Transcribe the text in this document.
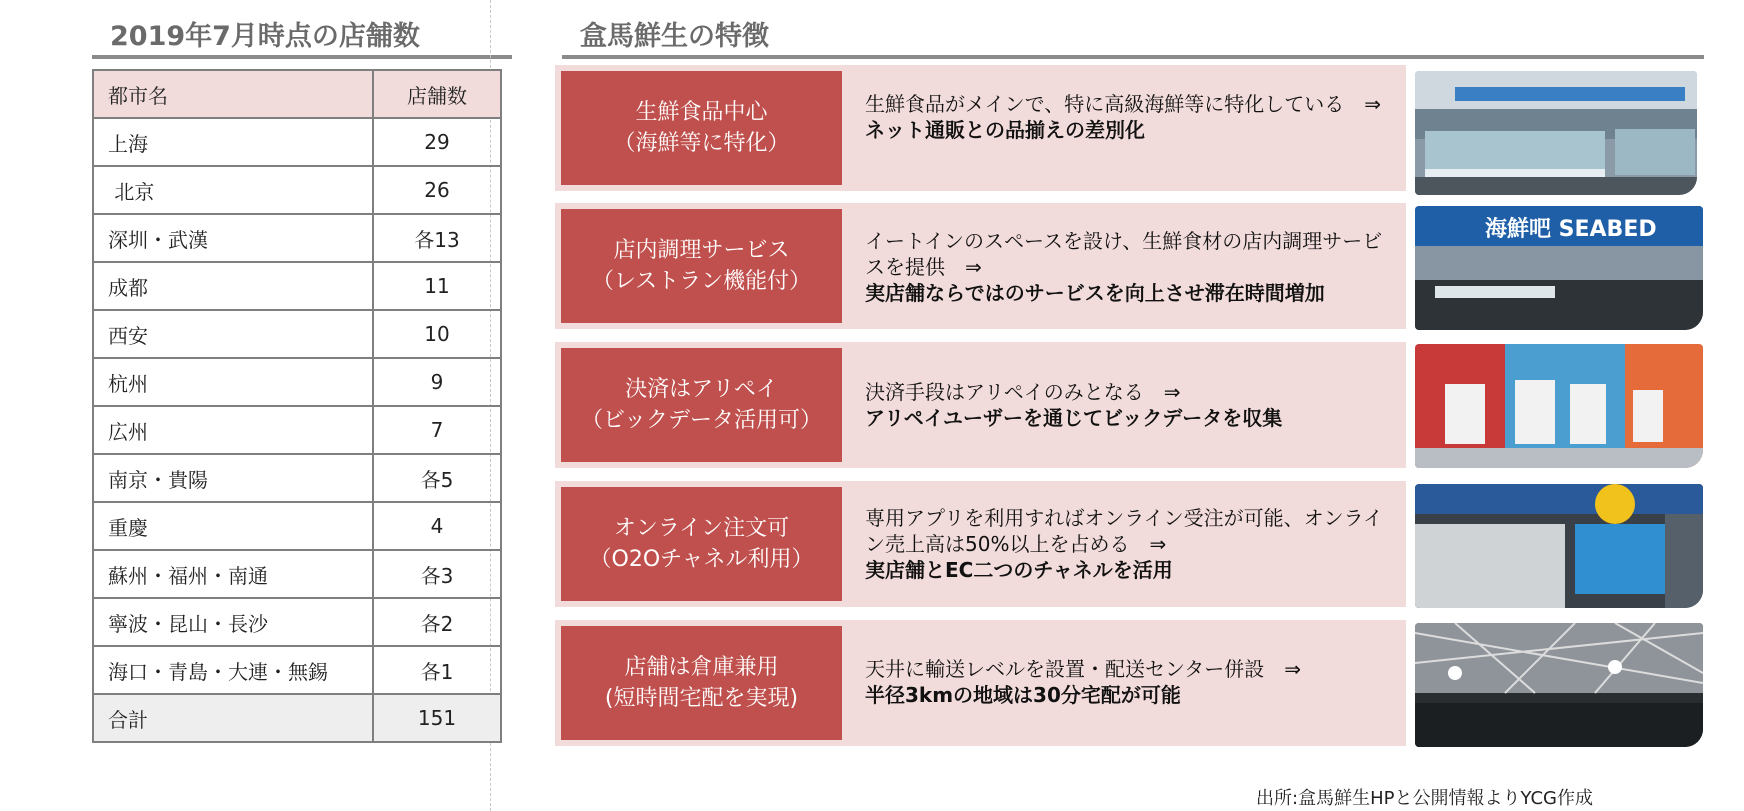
2019年7月時点の店舗数
都市名	店舗数
上海	29
北京	26
深圳・武漢	各13
成都	11
西安	10
杭州	9
広州	7
南京・貴陽	各5
重慶	4
蘇州・福州・南通	各3
寧波・昆山・長沙	各2
海口・青島・大連・無錫	各1
合計	151
盒馬鮮生の特徴
生鮮食品中心
（海鮮等に特化）
生鮮食品がメインで、特に高級海鮮等に特化している　⇒
ネット通販との品揃えの差別化
店内調理サービス
（レストラン機能付）
イートインのスペースを設け、生鮮食材の店内調理サービスを提供　⇒
実店舗ならではのサービスを向上させ滞在時間増加
海鮮吧 SEABED
決済はアリペイ
（ビックデータ活用可）
決済手段はアリペイのみとなる　⇒
アリペイユーザーを通じてビックデータを収集
オンライン注文可
（O2Oチャネル利用）
専用アプリを利用すればオンライン受注が可能、オンライン売上高は50%以上を占める　⇒
実店舗とEC二つのチャネルを活用
店舗は倉庫兼用
(短時間宅配を実現)
天井に輸送レベルを設置・配送センター併設　⇒
半径3kmの地域は30分宅配が可能
出所:盒馬鮮生HPと公開情報よりYCG作成
